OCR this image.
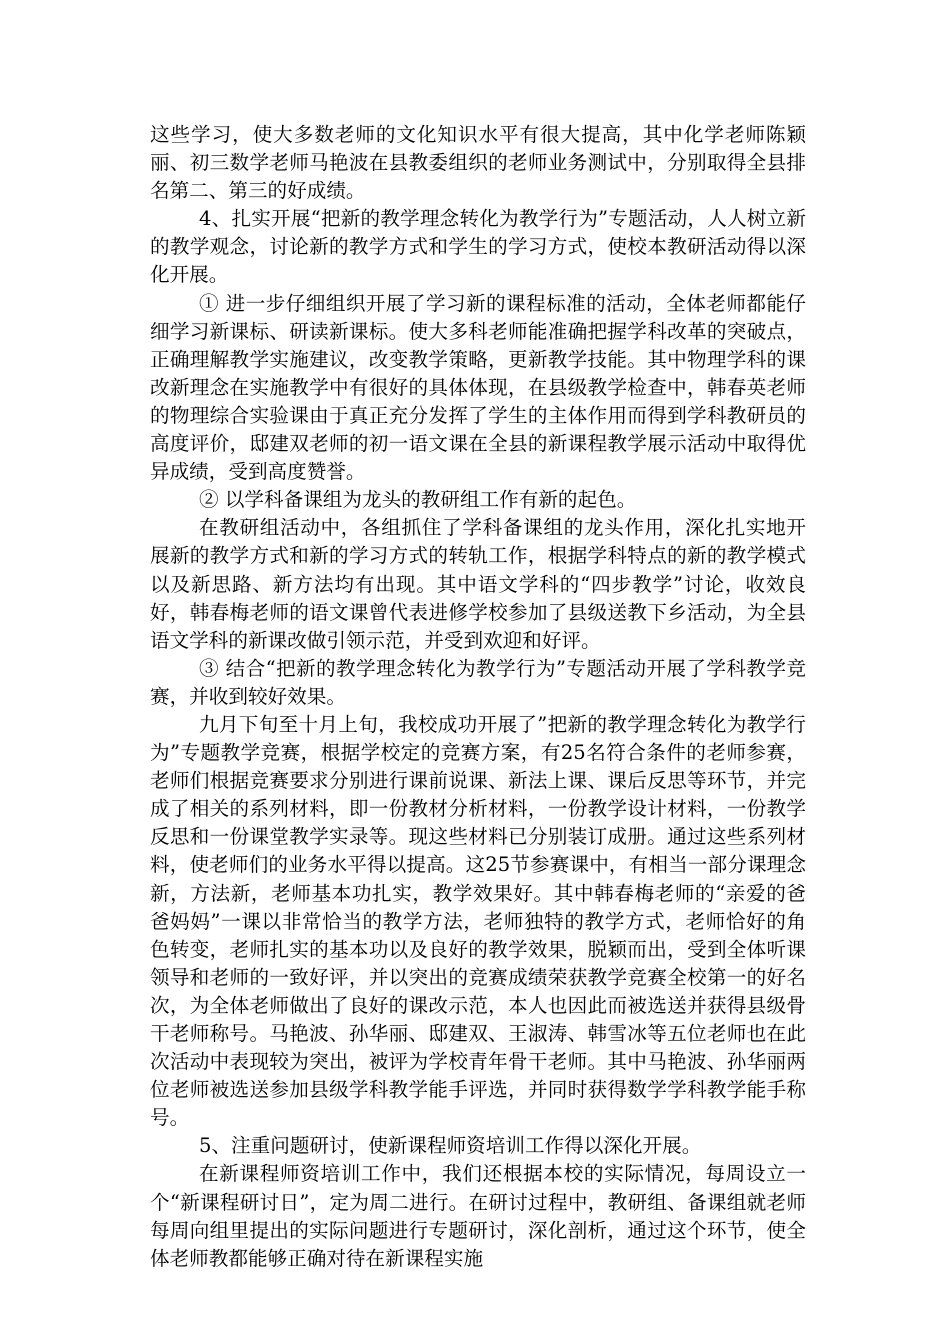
这些学习，使大多数老师的文化知识水平有很大提高，其中化学老师陈颖丽、初三数学老师马艳波在县教委组织的老师业务测试中，分别取得全县排名第二、第三的好成绩。

4、扎实开展“把新的教学理念转化为教学行为”专题活动，人人树立新的教学观念，讨论新的教学方式和学生的学习方式，使校本教研活动得以深化开展。

① 进一步仔细组织开展了学习新的课程标准的活动，全体老师都能仔细学习新课标、研读新课标。使大多科老师能准确把握学科改革的突破点，正确理解教学实施建议，改变教学策略，更新教学技能。其中物理学科的课改新理念在实施教学中有很好的具体体现，在县级教学检查中，韩春英老师的物理综合实验课由于真正充分发挥了学生的主体作用而得到学科教研员的高度评价，邸建双老师的初一语文课在全县的新课程教学展示活动中取得优异成绩，受到高度赞誉。

② 以学科备课组为龙头的教研组工作有新的起色。

在教研组活动中，各组抓住了学科备课组的龙头作用，深化扎实地开展新的教学方式和新的学习方式的转轨工作，根据学科特点的新的教学模式以及新思路、新方法均有出现。其中语文学科的“四步教学”讨论，收效良好，韩春梅老师的语文课曾代表进修学校参加了县级送教下乡活动，为全县语文学科的新课改做引领示范，并受到欢迎和好评。

③ 结合“把新的教学理念转化为教学行为”专题活动开展了学科教学竞赛，并收到较好效果。

九月下旬至十月上旬，我校成功开展了”把新的教学理念转化为教学行为”专题教学竞赛，根据学校定的竞赛方案，有25名符合条件的老师参赛，老师们根据竞赛要求分别进行课前说课、新法上课、课后反思等环节，并完成了相关的系列材料，即一份教材分析材料，一份教学设计材料，一份教学反思和一份课堂教学实录等。现这些材料已分别装订成册。通过这些系列材料，使老师们的业务水平得以提高。这25节参赛课中，有相当一部分课理念新，方法新，老师基本功扎实，教学效果好。其中韩春梅老师的“亲爱的爸爸妈妈”一课以非常恰当的教学方法，老师独特的教学方式，老师恰好的角色转变，老师扎实的基本功以及良好的教学效果，脱颖而出，受到全体听课领导和老师的一致好评，并以突出的竞赛成绩荣获教学竞赛全校第一的好名次，为全体老师做出了良好的课改示范，本人也因此而被选送并获得县级骨干老师称号。马艳波、孙华丽、邸建双、王淑涛、韩雪冰等五位老师也在此次活动中表现较为突出，被评为学校青年骨干老师。其中马艳波、孙华丽两位老师被选送参加县级学科教学能手评选，并同时获得数学学科教学能手称号。

5、注重问题研讨，使新课程师资培训工作得以深化开展。

在新课程师资培训工作中，我们还根据本校的实际情况，每周设立一个“新课程研讨日”，定为周二进行。在研讨过程中，教研组、备课组就老师每周向组里提出的实际问题进行专题研讨，深化剖析，通过这个环节，使全体老师教都能够正确对待在新课程实施
